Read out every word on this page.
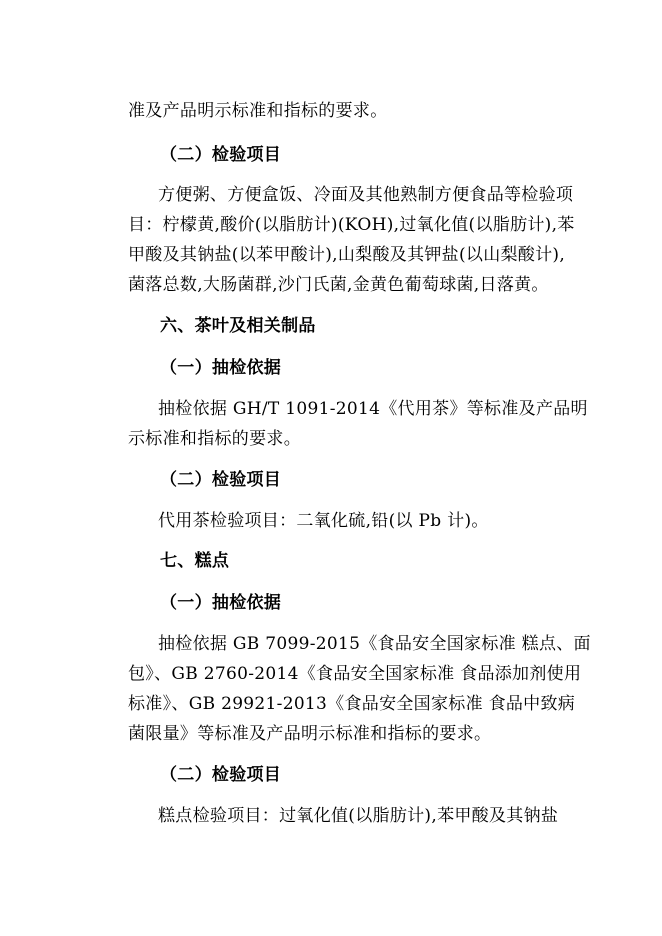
准及产品明示标准和指标的要求。
（二）检验项目
方便粥、方便盒饭、冷面及其他熟制方便食品等检验项
目：柠檬黄,酸价(以脂肪计)(KOH),过氧化值(以脂肪计),苯
甲酸及其钠盐(以苯甲酸计),山梨酸及其钾盐(以山梨酸计),
菌落总数,大肠菌群,沙门氏菌,金黄色葡萄球菌,日落黄。
六、茶叶及相关制品
（一）抽检依据
抽检依据 GH/T 1091-2014《代用茶》等标准及产品明
示标准和指标的要求。
（二）检验项目
代用茶检验项目：二氧化硫,铅(以 Pb 计)。
七、糕点
（一）抽检依据
抽检依据 GB 7099-2015《食品安全国家标准 糕点、面
包》、GB 2760-2014《食品安全国家标准 食品添加剂使用
标准》、GB 29921-2013《食品安全国家标准 食品中致病
菌限量》等标准及产品明示标准和指标的要求。
（二）检验项目
糕点检验项目：过氧化值(以脂肪计),苯甲酸及其钠盐
